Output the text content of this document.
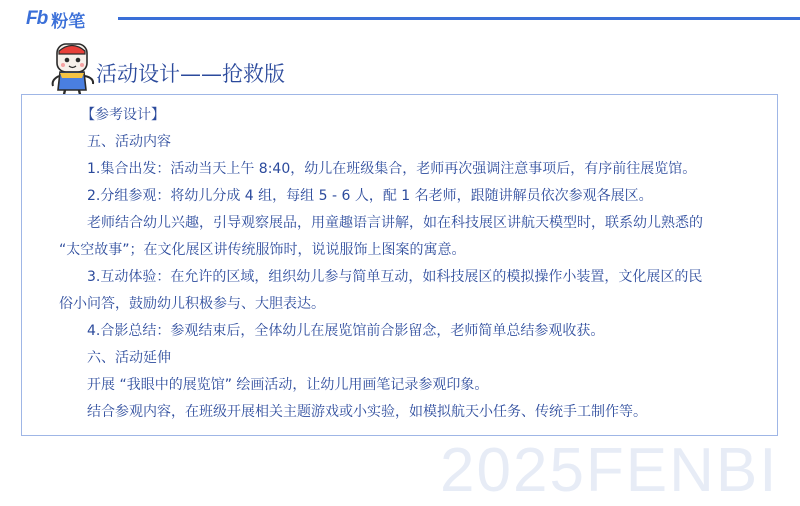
Fb 粉笔
活动设计——抢救版
2025FENBI
【参考设计】
五、活动内容
1.集合出发：活动当天上午 8:40，幼儿在班级集合，老师再次强调注意事项后，有序前往展览馆。
2.分组参观：将幼儿分成 4 组，每组 5 - 6 人，配 1 名老师，跟随讲解员依次参观各展区。
老师结合幼儿兴趣，引导观察展品，用童趣语言讲解，如在科技展区讲航天模型时，联系幼儿熟悉的
“太空故事”；在文化展区讲传统服饰时，说说服饰上图案的寓意。
3.互动体验：在允许的区域，组织幼儿参与简单互动，如科技展区的模拟操作小装置，文化展区的民
俗小问答，鼓励幼儿积极参与、大胆表达。
4.合影总结：参观结束后，全体幼儿在展览馆前合影留念，老师简单总结参观收获。
六、活动延伸
开展 “我眼中的展览馆” 绘画活动，让幼儿用画笔记录参观印象。
结合参观内容，在班级开展相关主题游戏或小实验，如模拟航天小任务、传统手工制作等。
